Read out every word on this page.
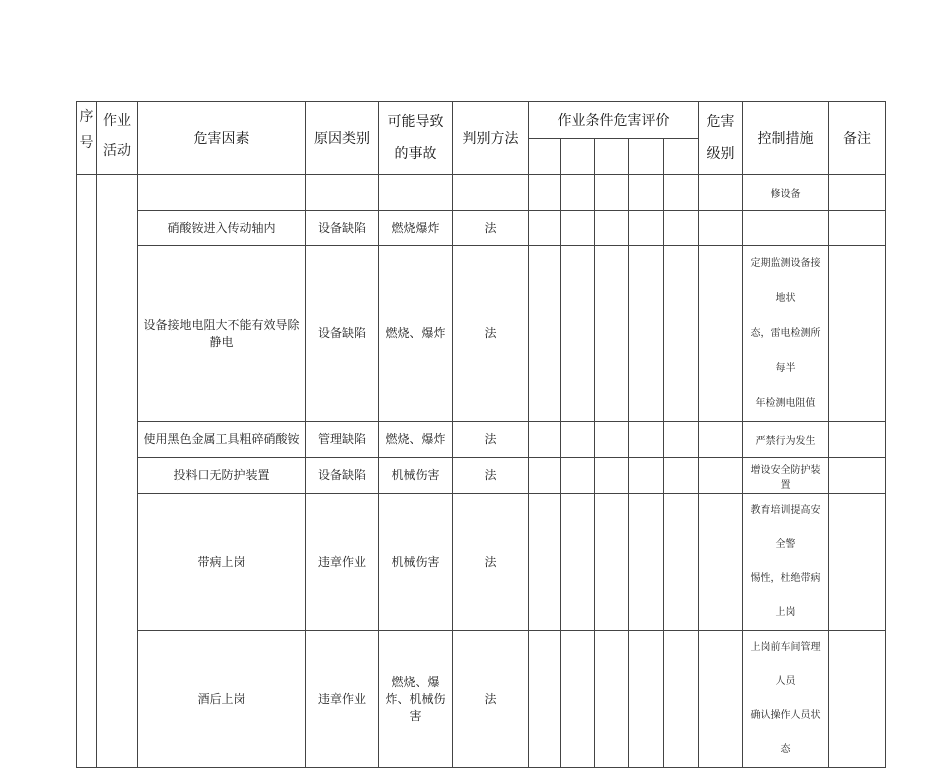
序
号	作业
活动	危害因素	原因类别	可能导致
的事故	判别方法	作业条件危害评价					危害
级别	控制措施	备注

												修设备	
		硝酸铵进入传动轴内	设备缺陷	燃烧爆炸	法								
		设备接地电阻大不能有效导除静电	设备缺陷	燃烧、爆炸	法							定期监测设备接地状
态，雷电检测所每半
年检测电阻值	

		使用黑色金属工具粗碎硝酸铵	管理缺陷	燃烧、爆炸	法							严禁行为发生	
		投料口无防护装置	设备缺陷	机械伤害	法							增设安全防护装置	
		带病上岗	违章作业	机械伤害	法							教育培训提高安全警
惕性，杜绝带病上岗	

		酒后上岗	违章作业	燃烧、爆
炸、机械伤
害	法							上岗前车间管理人员
确认操作人员状态	
